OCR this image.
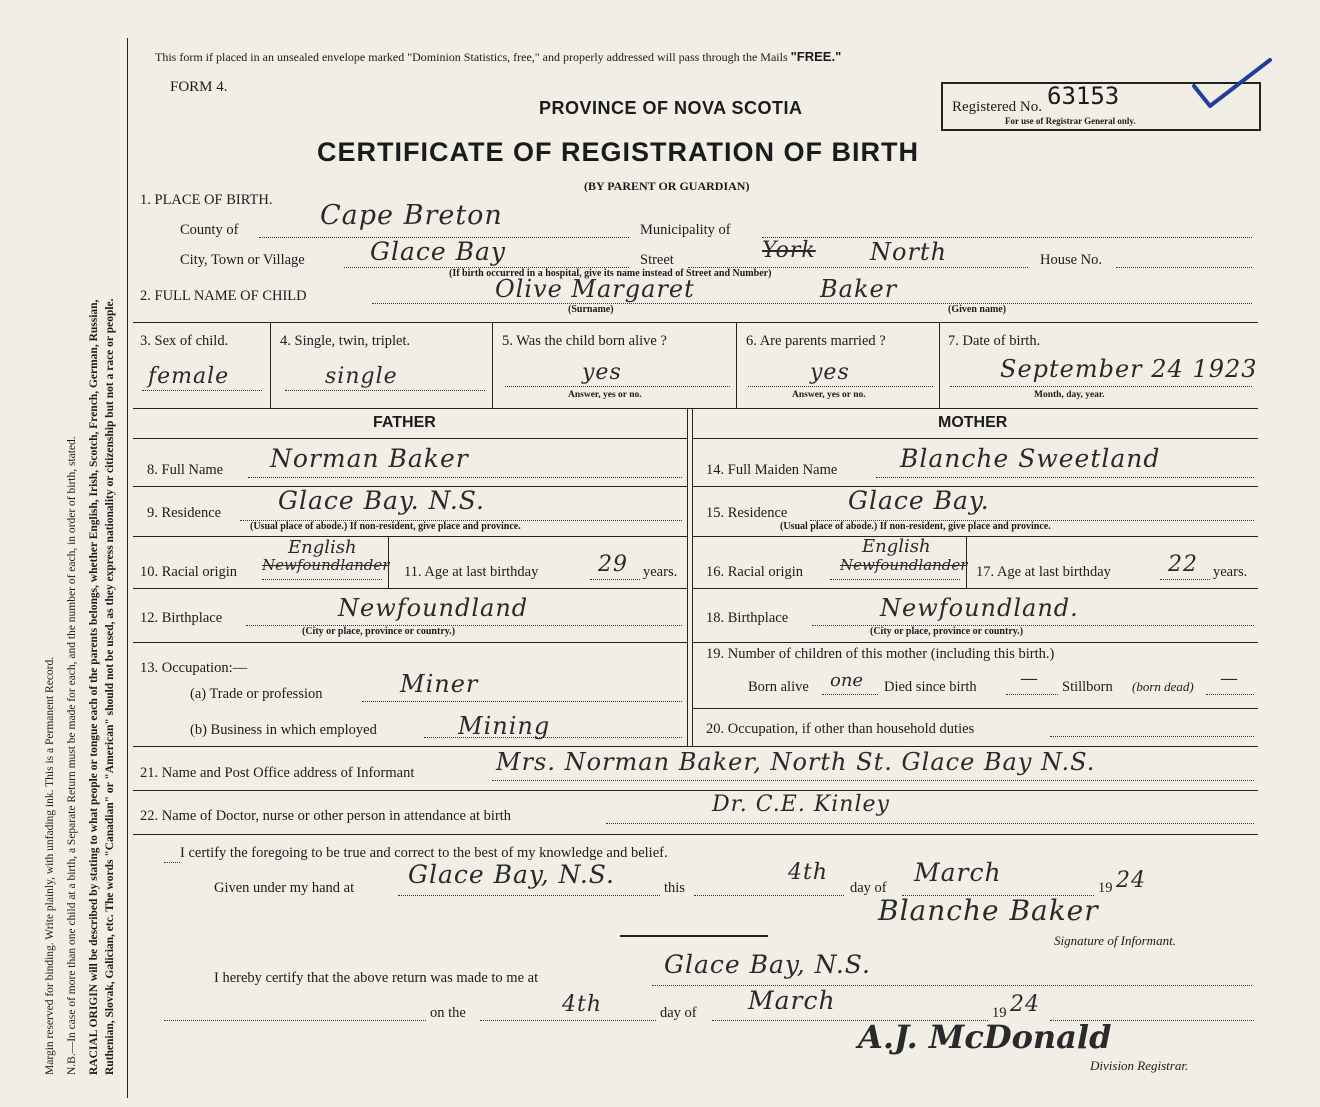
Margin reserved for binding. Write plainly, with unfading ink. This is a Permanent Record. N.B.—In case of more than one child at a birth, a Separate Return must be made for each, and the number of each, in order of birth, stated. RACIAL ORIGIN will be described by stating to what people or tongue each of the parents belongs, whether English, Irish, Scotch, French, German, Russian, Ruthenian, Slovak, Galician, etc. The words "Canadian" or "American" should not be used, as they express nationality or citizenship but not a race or people.
This form if placed in an unsealed envelope marked "Dominion Statistics, free," and properly addressed will pass through the Mails "FREE."
FORM 4.
PROVINCE OF NOVA SCOTIA
CERTIFICATE OF REGISTRATION OF BIRTH
(BY PARENT OR GUARDIAN)
Registered No. 63153
For use of Registrar General only.
1. PLACE OF BIRTH.
County of	Cape Breton	Municipality of
City, Town or Village	Glace Bay	Street	York North	House No.
(If birth occurred in a hospital, give its name instead of Street and Number)
2. FULL NAME OF CHILD	Olive Margaret	Baker
(Surname)	(Given name)
3. Sex of child.
female
4. Single, twin, triplet.
single
5. Was the child born alive ?
yes
Answer, yes or no.
6. Are parents married ?
yes
Answer, yes or no.
7. Date of birth.
September 24 1923
Month, day, year.
FATHER	MOTHER
8. Full Name Norman Baker
9. Residence Glace Bay. N.S.
(Usual place of abode.) If non-resident, give place and province.
10. Racial origin Newfoundlander
English
11. Age at last birthday	29 years.
12. Birthplace	Newfoundland
(City or place, province or country.)
13. Occupation:—
(a) Trade or profession	Miner
(b) Business in which employed	Mining
14. Full Maiden Name	Blanche Sweetland
15. Residence Glace Bay.
(Usual place of abode.) If non-resident, give place and province.
16. Racial origin Newfoundlander
English
17. Age at last birthday	22 years.
18. Birthplace	Newfoundland.
(City or place, province or country.)
19. Number of children of this mother (including this birth.)
Born alive one Died since birth — Stillborn (born dead) —
20. Occupation, if other than household duties
21. Name and Post Office address of Informant	Mrs. Norman Baker, North St. Glace Bay N.S.
22. Name of Doctor, nurse or other person in attendance at birth	Dr. C.E. Kinley
I certify the foregoing to be true and correct to the best of my knowledge and belief.
Given under my hand at Glace Bay, N.S.	this
4th
day of
March
19 24
Blanche Baker
Signature of Informant.
I hereby certify that the above return was made to me at	Glace Bay, N.S.
on the	4th	day of March	19 24
A.J. McDonald
Division Registrar.
